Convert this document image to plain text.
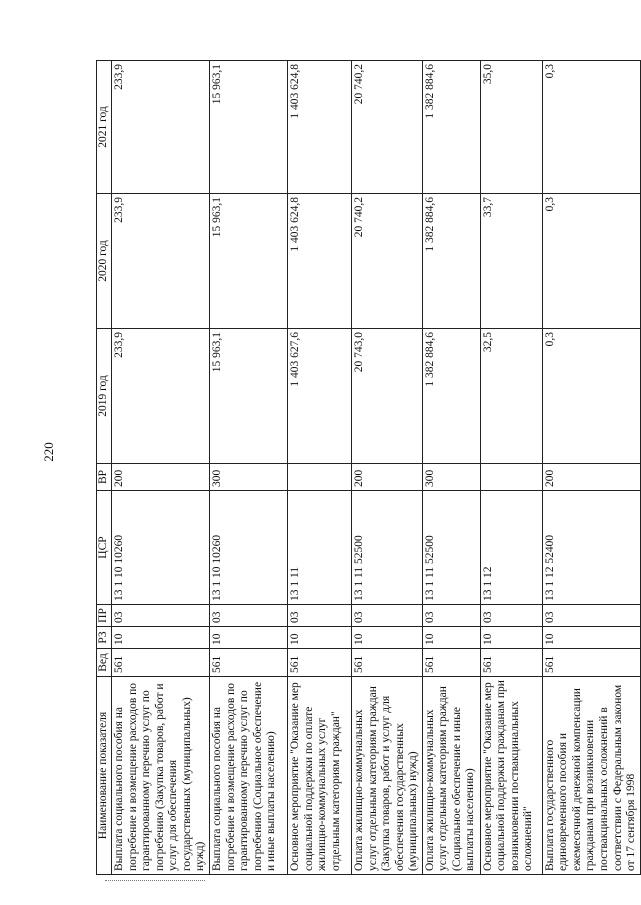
220
Наименование показателя	Вед	РЗ	ПР	ЦСР	ВР	2019 год	2020 год	2021 год
Выплата социального пособия на погребение и возмещение расходов по гарантированному перечню услуг по погребению (Закупка товаров, работ и услуг для обеспечения государственных (муниципальных) нужд)	561	10	03	13 1 10 10260	200	233,9	233,9	233,9
Выплата социального пособия на погребение и возмещение расходов по гарантированному перечню услуг по погребению (Социальное обеспечение и иные выплаты населению)	561	10	03	13 1 10 10260	300	15 963,1	15 963,1	15 963,1
Основное мероприятие "Оказание мер социальной поддержки по оплате жилищно-коммунальных услуг отдельным категориям граждан"	561	10	03	13 1 11		1 403 627,6	1 403 624,8	1 403 624,8
Оплата жилищно-коммунальных услуг отдельным категориям граждан (Закупка товаров, работ и услуг для обеспечения государственных (муниципальных) нужд)	561	10	03	13 1 11 52500	200	20 743,0	20 740,2	20 740,2
Оплата жилищно-коммунальных услуг отдельным категориям граждан (Социальное обеспечение и иные выплаты населению)	561	10	03	13 1 11 52500	300	1 382 884,6	1 382 884,6	1 382 884,6
Основное мероприятие "Оказание мер социальной поддержки гражданам при возникновении поствакцинальных осложнений"	561	10	03	13 1 12		32,5	33,7	35,0
Выплата государственного единовременного пособия и ежемесячной денежной компенсации гражданам при возникновении поствакцинальных осложнений в соответствии с Федеральным законом от 17 сентября 1998	561	10	03	13 1 12 52400	200	0,3	0,3	0,3
